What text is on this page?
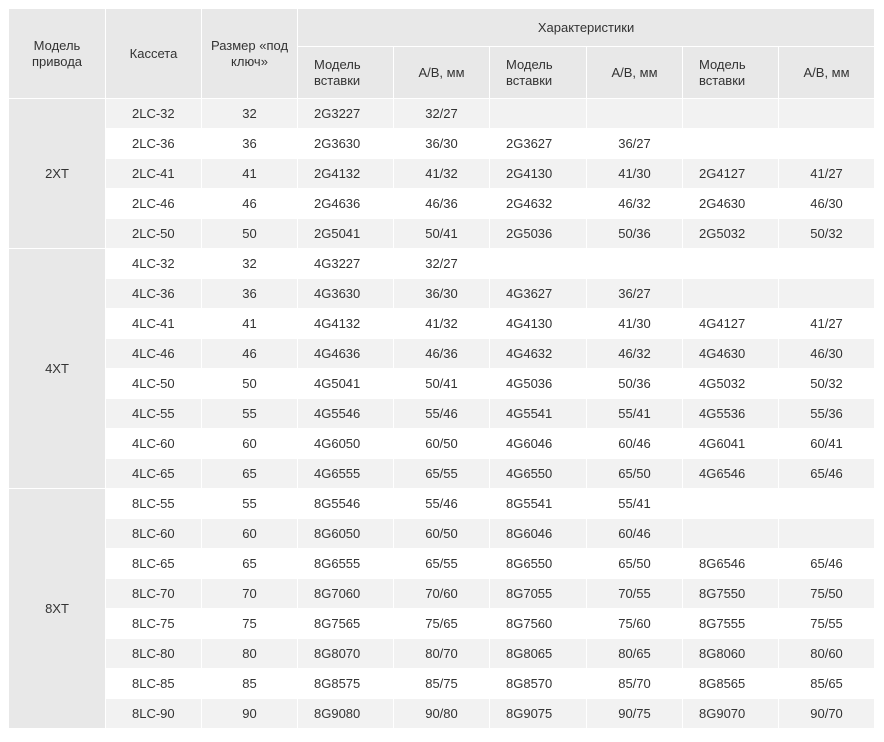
Модель привода	Кассета	Размер «под ключ»	Характеристики					
			Модель вставки	A/B, мм	Модель вставки	A/B, мм	Модель вставки	A/B, мм
2XT	2LC-32	32	2G3227	32/27				
	2LC-36	36	2G3630	36/30	2G3627	36/27		
	2LC-41	41	2G4132	41/32	2G4130	41/30	2G4127	41/27
	2LC-46	46	2G4636	46/36	2G4632	46/32	2G4630	46/30
	2LC-50	50	2G5041	50/41	2G5036	50/36	2G5032	50/32
4XT	4LC-32	32	4G3227	32/27				
	4LC-36	36	4G3630	36/30	4G3627	36/27		
	4LC-41	41	4G4132	41/32	4G4130	41/30	4G4127	41/27
	4LC-46	46	4G4636	46/36	4G4632	46/32	4G4630	46/30
	4LC-50	50	4G5041	50/41	4G5036	50/36	4G5032	50/32
	4LC-55	55	4G5546	55/46	4G5541	55/41	4G5536	55/36
	4LC-60	60	4G6050	60/50	4G6046	60/46	4G6041	60/41
	4LC-65	65	4G6555	65/55	4G6550	65/50	4G6546	65/46
8XT	8LC-55	55	8G5546	55/46	8G5541	55/41		
	8LC-60	60	8G6050	60/50	8G6046	60/46		
	8LC-65	65	8G6555	65/55	8G6550	65/50	8G6546	65/46
	8LC-70	70	8G7060	70/60	8G7055	70/55	8G7550	75/50
	8LC-75	75	8G7565	75/65	8G7560	75/60	8G7555	75/55
	8LC-80	80	8G8070	80/70	8G8065	80/65	8G8060	80/60
	8LC-85	85	8G8575	85/75	8G8570	85/70	8G8565	85/65
	8LC-90	90	8G9080	90/80	8G9075	90/75	8G9070	90/70
